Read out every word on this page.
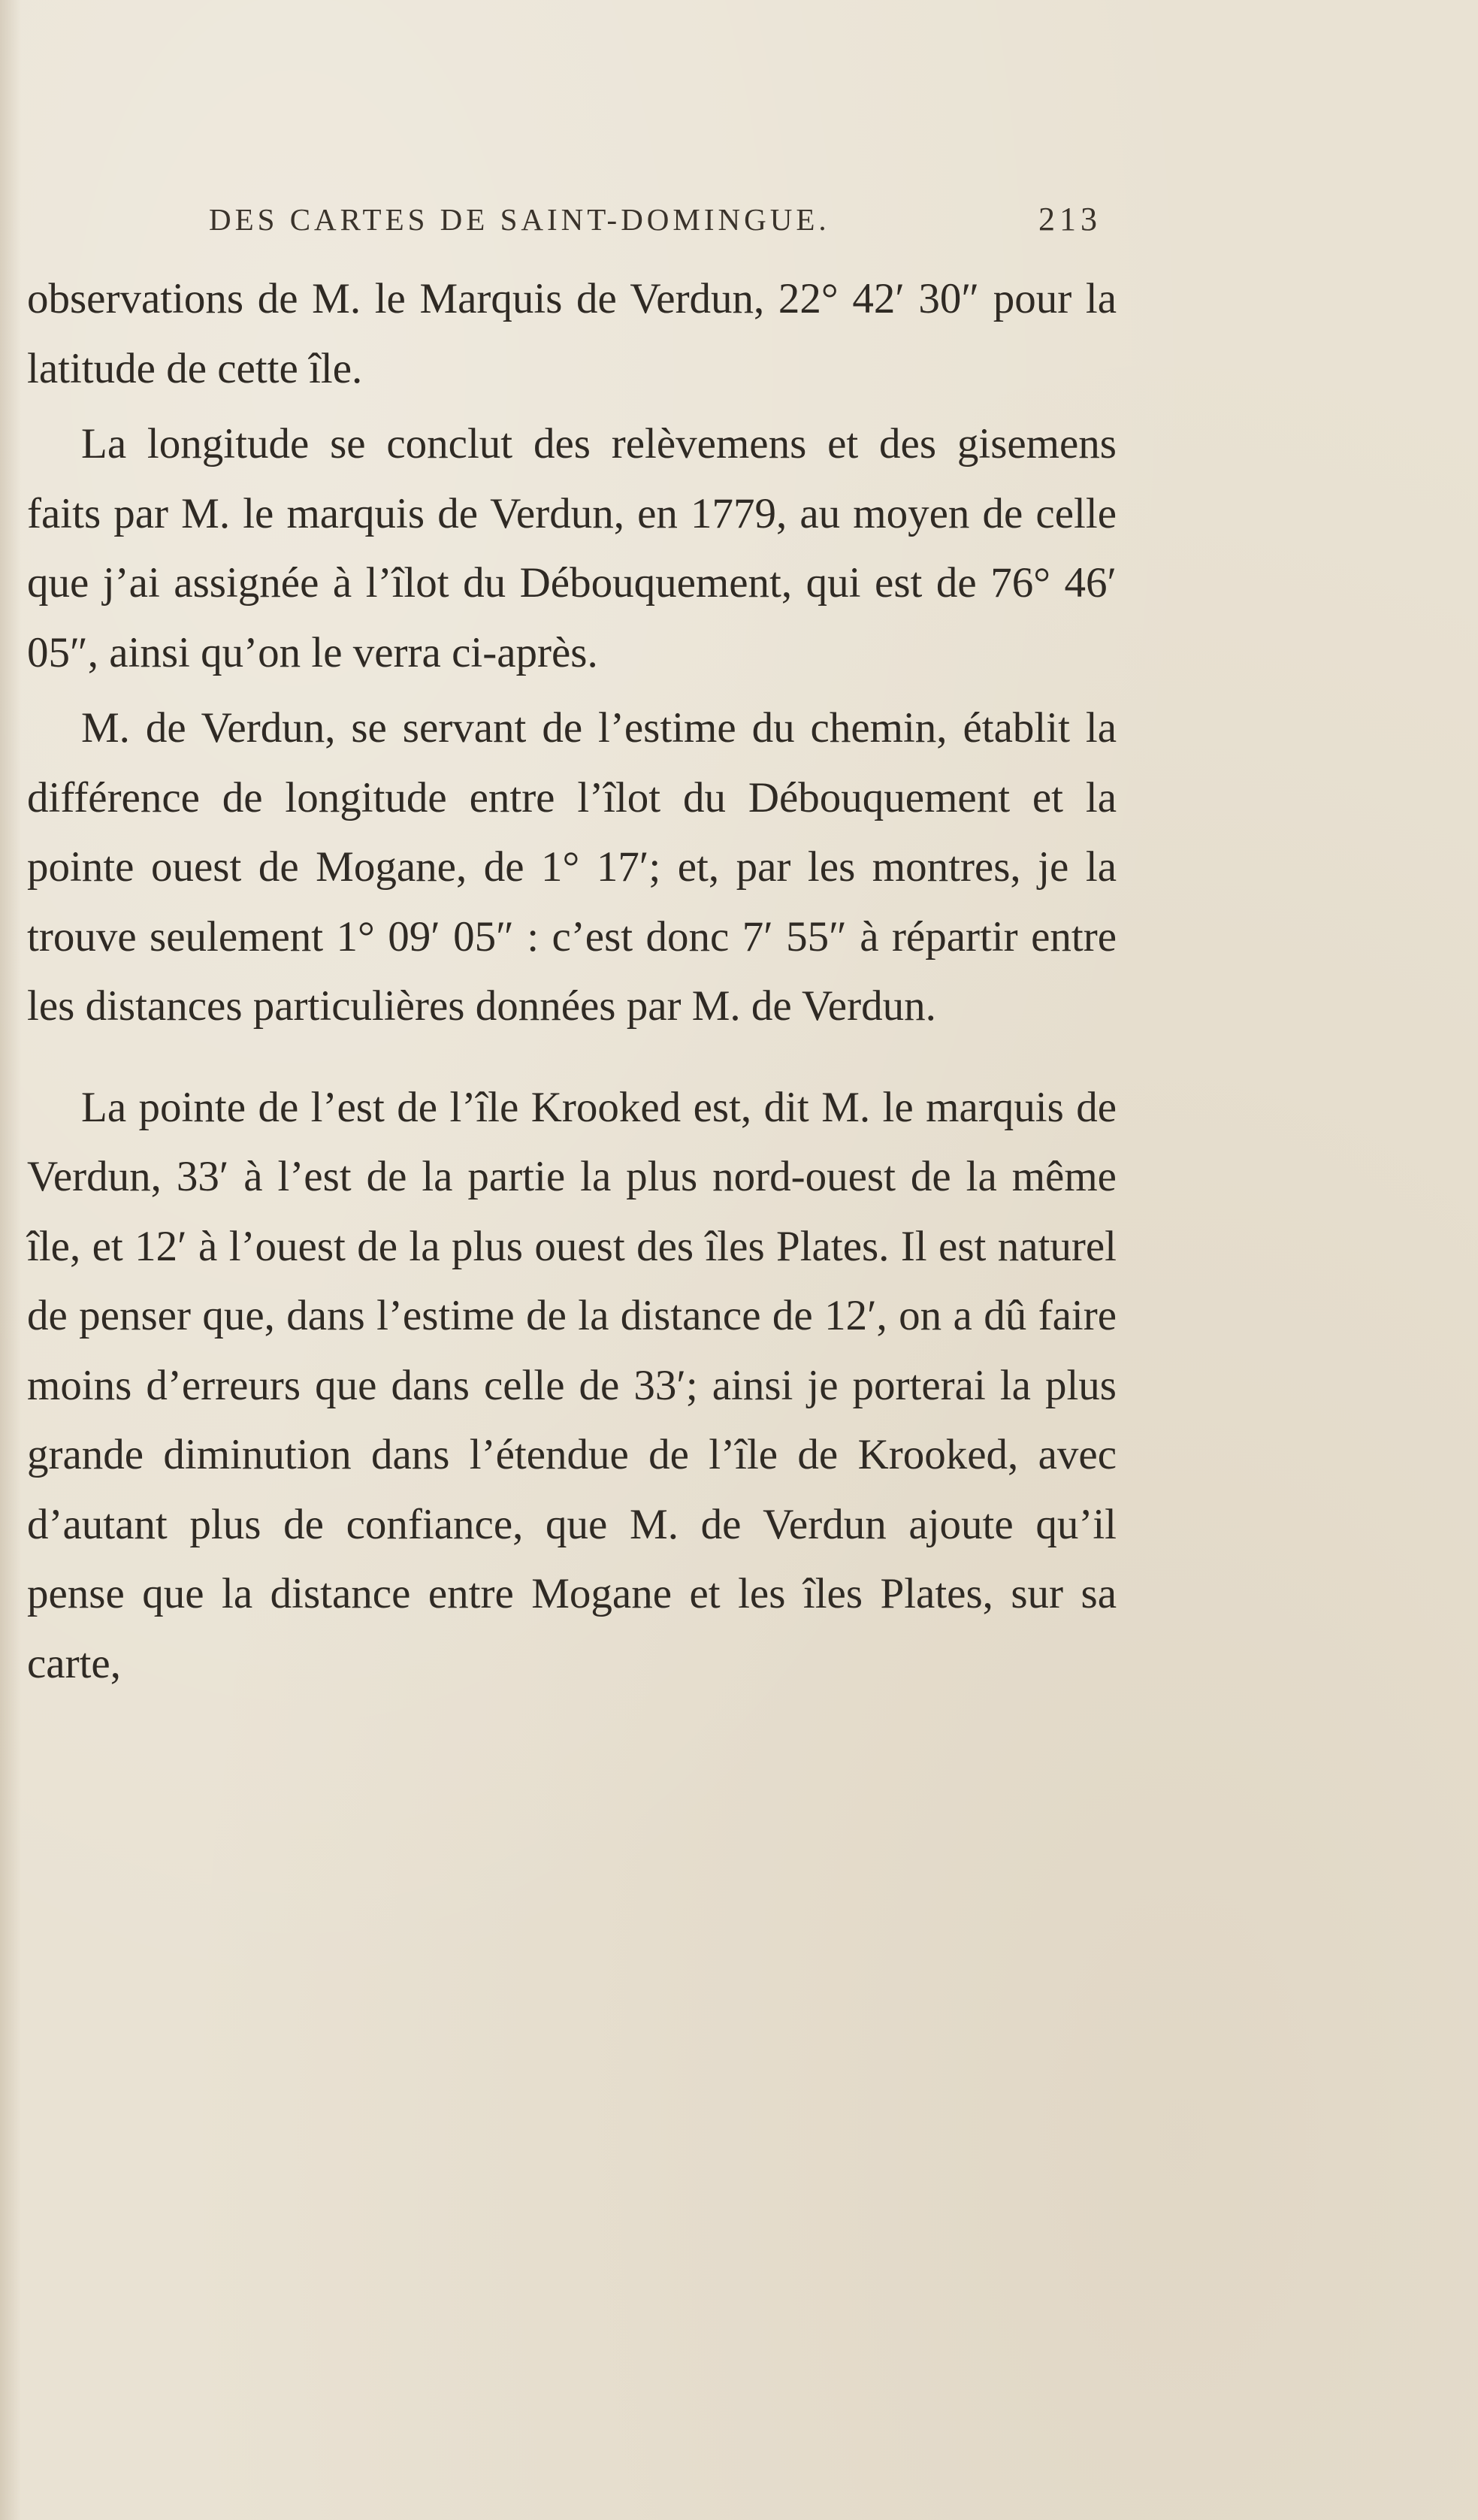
DES CARTES DE SAINT-DOMINGUE.	213

observations de M. le Marquis de Verdun, 22° 42′ 30″ pour la latitude de cette île.

La longitude se conclut des relèvemens et des gisemens faits par M. le marquis de Verdun, en 1779, au moyen de celle que j’ai assignée à l’îlot du Débouquement, qui est de 76° 46′ 05″, ainsi qu’on le verra ci-après.

M. de Verdun, se servant de l’estime du chemin, établit la différence de longitude entre l’îlot du Débouquement et la pointe ouest de Mogane, de 1° 17′; et, par les montres, je la trouve seulement 1° 09′ 05″ : c’est donc 7′ 55″ à répartir entre les distances particulières données par M. de Verdun.

La pointe de l’est de l’île Krooked est, dit M. le marquis de Verdun, 33′ à l’est de la partie la plus nord-ouest de la même île, et 12′ à l’ouest de la plus ouest des îles Plates. Il est naturel de penser que, dans l’estime de la distance de 12′, on a dû faire moins d’erreurs que dans celle de 33′; ainsi je porterai la plus grande diminution dans l’étendue de l’île de Krooked, avec d’autant plus de confiance, que M. de Verdun ajoute qu’il pense que la distance entre Mogane et les îles Plates, sur sa carte,
